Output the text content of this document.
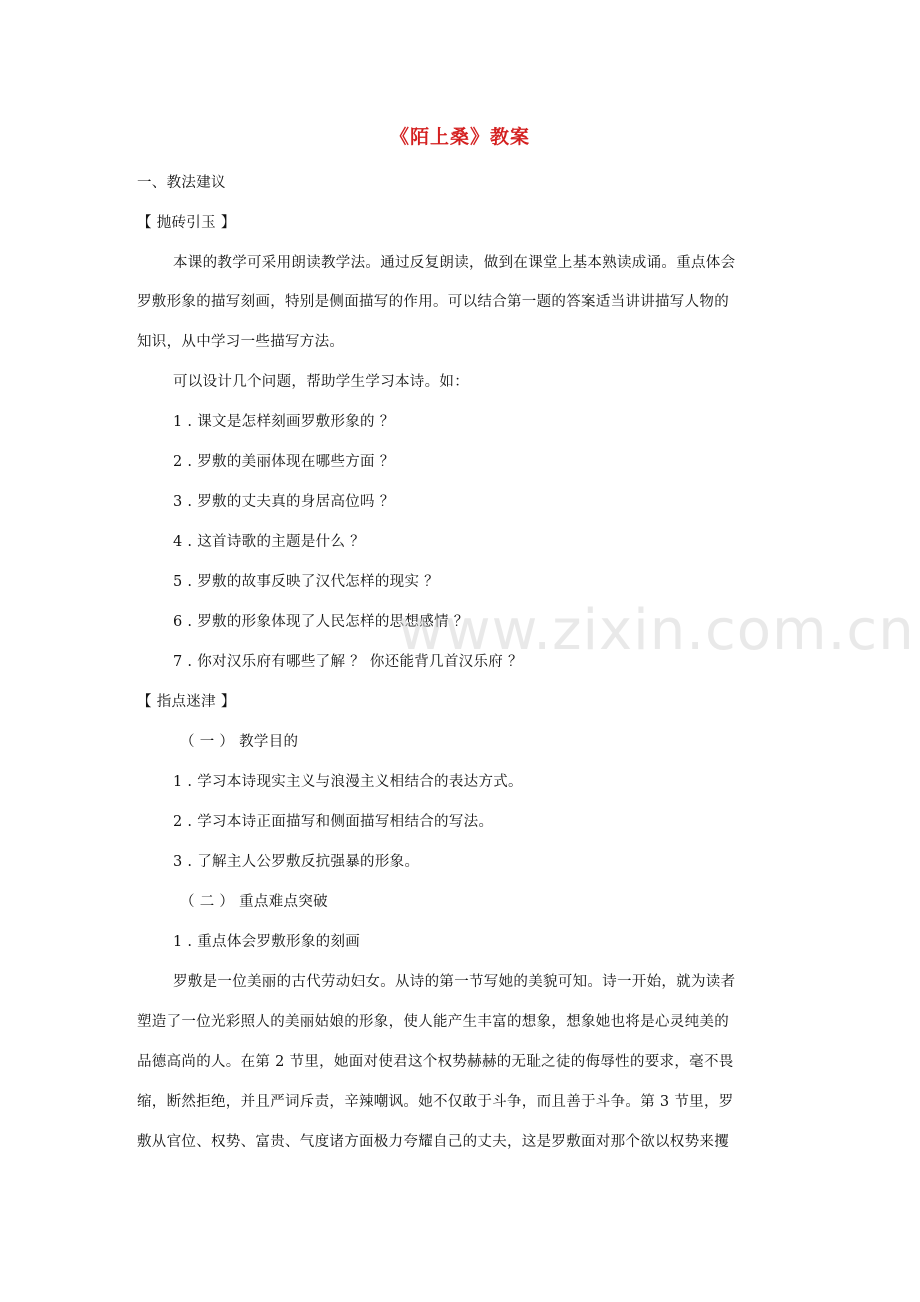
《陌上桑》教案
一、教法建议
【 抛砖引玉 】
本课的教学可采用朗读教学法。通过反复朗读，做到在课堂上基本熟读成诵。重点体会
罗敷形象的描写刻画，特别是侧面描写的作用。可以结合第一题的答案适当讲讲描写人物的
知识，从中学习一些描写方法。
可以设计几个问题，帮助学生学习本诗。如：
1 . 课文是怎样刻画罗敷形象的 ？
2 . 罗敷的美丽体现在哪些方面 ？
3 . 罗敷的丈夫真的身居高位吗 ？
4 . 这首诗歌的主题是什么 ？
5 . 罗敷的故事反映了汉代怎样的现实 ？
6 . 罗敷的形象体现了人民怎样的思想感情 ？
7 . 你对汉乐府有哪些了解 ？ 你还能背几首汉乐府 ？
【 指点迷津 】
（ 一 ） 教学目的
1 . 学习本诗现实主义与浪漫主义相结合的表达方式。
2 . 学习本诗正面描写和侧面描写相结合的写法。
3 . 了解主人公罗敷反抗强暴的形象。
（ 二 ） 重点难点突破
1 . 重点体会罗敷形象的刻画
罗敷是一位美丽的古代劳动妇女。从诗的第一节写她的美貌可知。诗一开始，就为读者
塑造了一位光彩照人的美丽姑娘的形象，使人能产生丰富的想象，想象她也将是心灵纯美的
品德高尚的人。在第 2 节里，她面对使君这个权势赫赫的无耻之徒的侮辱性的要求，毫不畏
缩，断然拒绝，并且严词斥责，辛辣嘲讽。她不仅敢于斗争，而且善于斗争。第 3 节里，罗
敷从官位、权势、富贵、气度诸方面极力夸耀自己的丈夫，这是罗敷面对那个欲以权势来攫
www.zixin.com.cn
